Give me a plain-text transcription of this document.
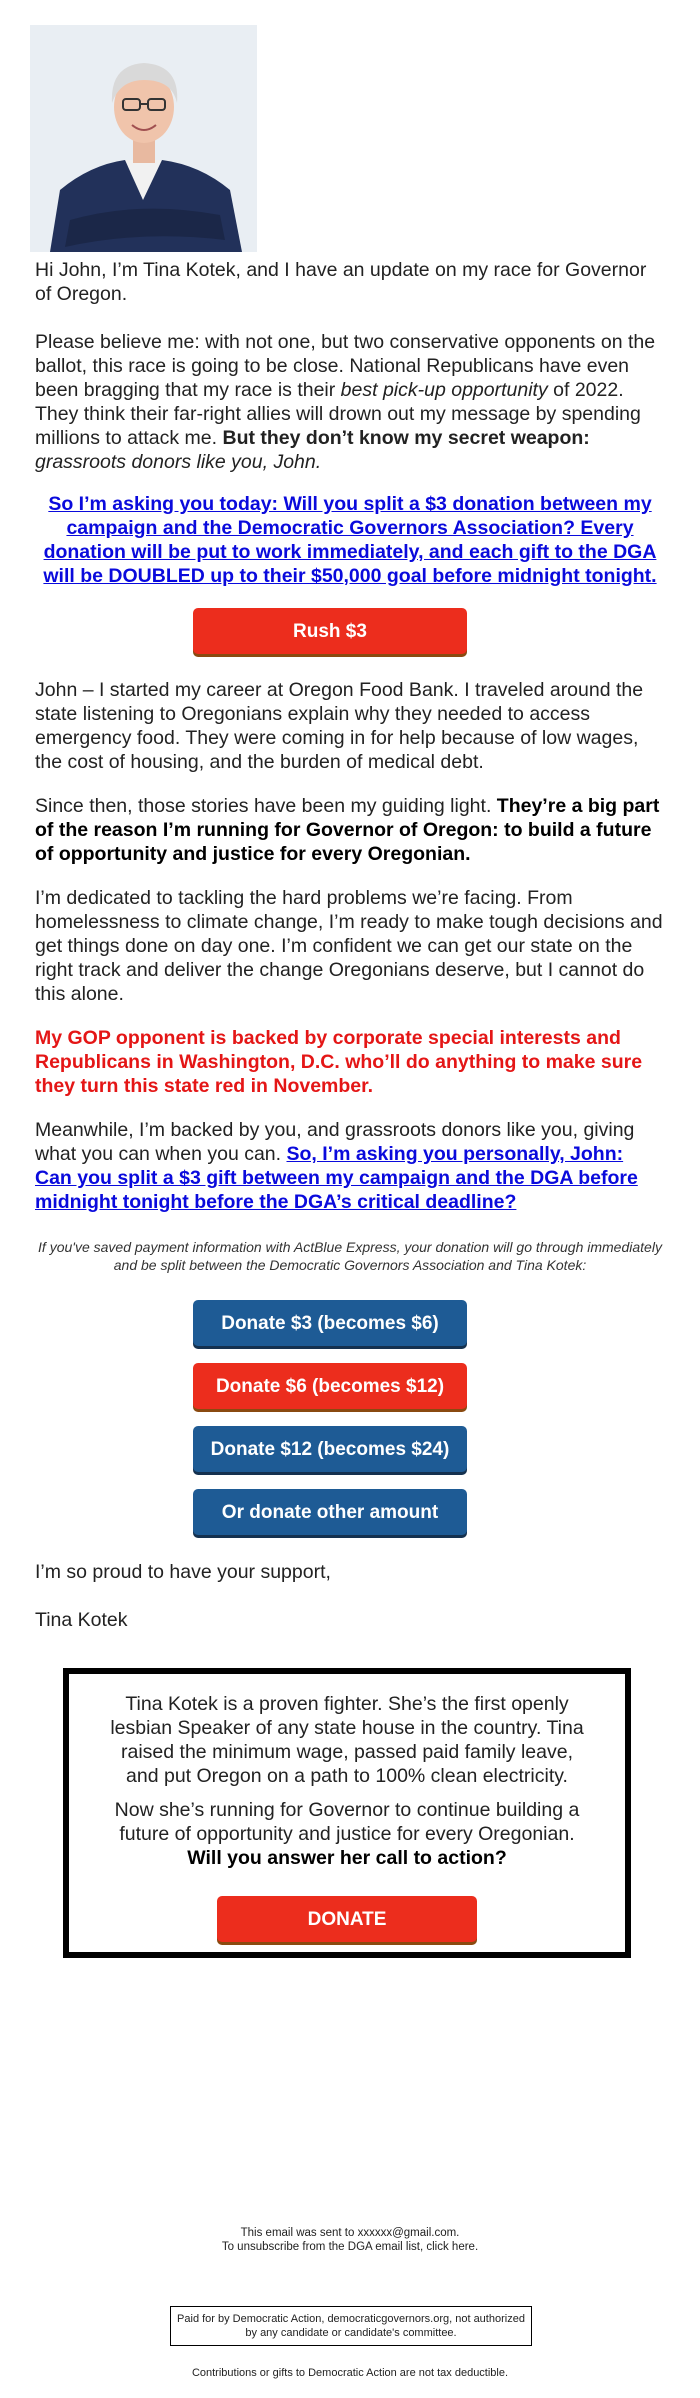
Hi John, I’m Tina Kotek, and I have an update on my race for Governor of Oregon.

Please believe me: with not one, but two conservative opponents on the ballot, this race is going to be close. National Republicans have even been bragging that my race is their best pick-up opportunity of 2022. They think their far-right allies will drown out my message by spending millions to attack me. But they don’t know my secret weapon: grassroots donors like you, John.

So I’m asking you today: Will you split a $3 donation between my campaign and the Democratic Governors Association? Every donation will be put to work immediately, and each gift to the DGA will be DOUBLED up to their $50,000 goal before midnight tonight.

Rush $3

John – I started my career at Oregon Food Bank. I traveled around the state listening to Oregonians explain why they needed to access emergency food. They were coming in for help because of low wages, the cost of housing, and the burden of medical debt.

Since then, those stories have been my guiding light. They’re a big part of the reason I’m running for Governor of Oregon: to build a future of opportunity and justice for every Oregonian.

I’m dedicated to tackling the hard problems we’re facing. From homelessness to climate change, I’m ready to make tough decisions and get things done on day one. I’m confident we can get our state on the right track and deliver the change Oregonians deserve, but I cannot do this alone.

My GOP opponent is backed by corporate special interests and Republicans in Washington, D.C. who’ll do anything to make sure they turn this state red in November.

Meanwhile, I’m backed by you, and grassroots donors like you, giving what you can when you can. So, I’m asking you personally, John: Can you split a $3 gift between my campaign and the DGA before midnight tonight before the DGA’s critical deadline?

If you've saved payment information with ActBlue Express, your donation will go through immediately and be split between the Democratic Governors Association and Tina Kotek:

Donate $3 (becomes $6)
Donate $6 (becomes $12)
Donate $12 (becomes $24)
Or donate other amount

I’m so proud to have your support,

Tina Kotek

Tina Kotek is a proven fighter. She’s the first openly lesbian Speaker of any state house in the country. Tina raised the minimum wage, passed paid family leave, and put Oregon on a path to 100% clean electricity.

Now she’s running for Governor to continue building a future of opportunity and justice for every Oregonian. Will you answer her call to action?

DONATE
This email was sent to xxxxxx@gmail.com.
To unsubscribe from the DGA email list, click here.
Paid for by Democratic Action, democraticgovernors.org, not authorized by any candidate or candidate's committee.
Contributions or gifts to Democratic Action are not tax deductible.
